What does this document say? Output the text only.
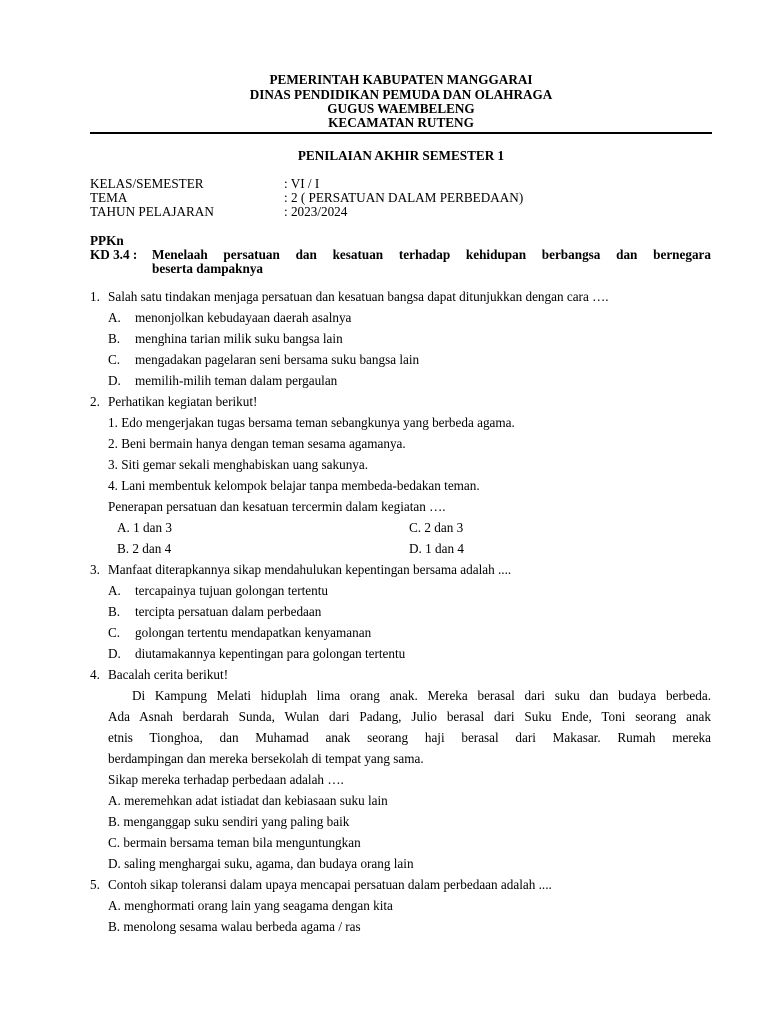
PEMERINTAH KABUPATEN MANGGARAI
DINAS PENDIDIKAN PEMUDA DAN OLAHRAGA
GUGUS WAEMBELENG
KECAMATAN RUTENG
PENILAIAN AKHIR SEMESTER 1
KELAS/SEMESTER	: VI / I
TEMA	: 2 ( PERSATUAN DALAM PERBEDAAN)
TAHUN PELAJARAN	: 2023/2024
PPKn
KD 3.4 : Menelaah persatuan dan kesatuan terhadap kehidupan berbangsa dan bernegara
beserta dampaknya
1. Salah satu tindakan menjaga persatuan dan kesatuan bangsa dapat ditunjukkan dengan cara ….
A. menonjolkan kebudayaan daerah asalnya
B. menghina tarian milik suku bangsa lain
C. mengadakan pagelaran seni bersama suku bangsa lain
D. memilih-milih teman dalam pergaulan
2. Perhatikan kegiatan berikut!
1. Edo mengerjakan tugas bersama teman sebangkunya yang berbeda agama.
2. Beni bermain hanya dengan teman sesama agamanya.
3. Siti gemar sekali menghabiskan uang sakunya.
4. Lani membentuk kelompok belajar tanpa membeda-bedakan teman.
Penerapan persatuan dan kesatuan tercermin dalam kegiatan ….
A. 1 dan 3	C. 2 dan 3
B. 2 dan 4	D. 1 dan 4
3. Manfaat diterapkannya sikap mendahulukan kepentingan bersama adalah ....
A. tercapainya tujuan golongan tertentu
B. tercipta persatuan dalam perbedaan
C. golongan tertentu mendapatkan kenyamanan
D. diutamakannya kepentingan para golongan tertentu
4. Bacalah cerita berikut!
Di Kampung Melati hiduplah lima orang anak. Mereka berasal dari suku dan budaya berbeda.
Ada Asnah berdarah Sunda, Wulan dari Padang, Julio berasal dari Suku Ende, Toni seorang anak
etnis Tionghoa, dan Muhamad anak seorang haji berasal dari Makasar. Rumah mereka
berdampingan dan mereka bersekolah di tempat yang sama.
Sikap mereka terhadap perbedaan adalah ….
A. meremehkan adat istiadat dan kebiasaan suku lain
B. menganggap suku sendiri yang paling baik
C. bermain bersama teman bila menguntungkan
D. saling menghargai suku, agama, dan budaya orang lain
5. Contoh sikap toleransi dalam upaya mencapai persatuan dalam perbedaan adalah ....
A. menghormati orang lain yang seagama dengan kita
B. menolong sesama walau berbeda agama / ras
